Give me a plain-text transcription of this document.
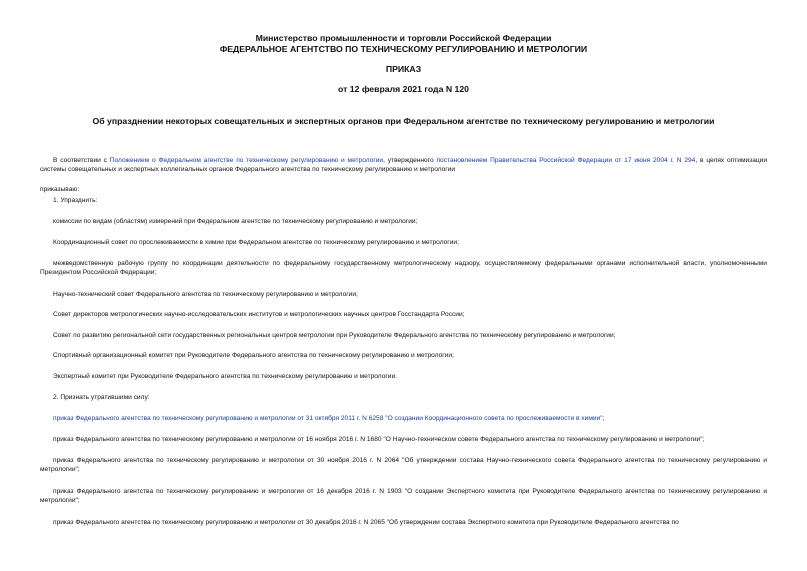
Министерство промышленности и торговли Российской Федерации
ФЕДЕРАЛЬНОЕ АГЕНТСТВО ПО ТЕХНИЧЕСКОМУ РЕГУЛИРОВАНИЮ И МЕТРОЛОГИИ
ПРИКАЗ
от 12 февраля 2021 года N 120
Об упразднении некоторых совещательных и экспертных органов при Федеральном агентстве по техническому регулированию и метрологии
В соответствии с Положением о Федеральном агентстве по техническому регулированию и метрологии, утвержденного постановлением Правительства Российской Федерации от 17 июня 2004 г. N 294, в целях оптимизации системы совещательных и экспертных коллегиальных органов Федерального агентства по техническому регулированию и метрологии
приказываю:
1. Упразднить:
комиссии по видам (областям) измерений при Федеральном агентстве по техническому регулированию и метрологии;
Координационный совет по прослеживаемости в химии при Федеральном агентстве по техническому регулированию и метрологии;
межведомственную рабочую группу по координации деятельности по федеральному государственному метрологическому надзору, осуществляемому федеральными органами исполнительной власти, уполномоченными Президентом Российской Федерации;
Научно-технический совет Федерального агентства по техническому регулированию и метрологии;
Совет директоров метрологических научно-исследовательских институтов и метрологических научных центров Госстандарта России;
Совет по развитию региональной сети государственных региональных центров метрологии при Руководителе Федерального агентства по техническому регулированию и метрологии;
Спортивный организационный комитет при Руководителе Федерального агентства по техническому регулированию и метрологии;
Экспертный комитет при Руководителе Федерального агентства по техническому регулированию и метрологии.
2. Признать утратившими силу:
приказ Федерального агентства по техническому регулированию и метрологии от 31 октября 2011 г. N 6258 "О создании Координационного совета по прослеживаемости в химии";
приказ Федерального агентства по техническому регулированию и метрологии от 16 ноября 2016 г. N 1680 "О Научно-техническом совете Федерального агентства по техническому регулированию и метрологии";
приказ Федерального агентства по техническому регулированию и метрологии от 30 ноября 2016 г. N 2064 "Об утверждении состава Научно-технического совета Федерального агентства по техническому регулированию и метрологии";
приказ Федерального агентства по техническому регулированию и метрологии от 16 декабря 2016 г. N 1903 "О создании Экспертного комитета при Руководителе Федерального агентства по техническому регулированию и метрологии";
приказ Федерального агентства по техническому регулированию и метрологии от 30 декабря 2016 г. N 2065 "Об утверждении состава Экспертного комитета при Руководителе Федерального агентства по
